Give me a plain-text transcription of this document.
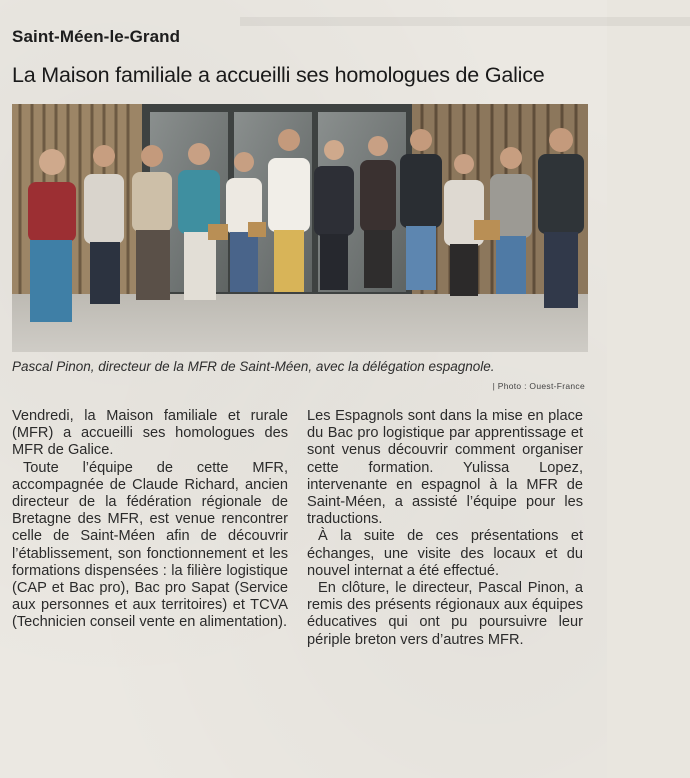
▬▬▬▬▬▬▬▬▬▬▬▬▬▬▬
Saint-Méen-le-Grand
La Maison familiale a accueilli ses homologues de Galice
Pascal Pinon, directeur de la MFR de Saint-Méen, avec la délégation espagnole.
| Photo : Ouest-France

Vendredi, la Maison familiale et rurale (MFR) a accueilli ses homologues des MFR de Galice.

Toute l’équipe de cette MFR, accompagnée de Claude Richard, ancien directeur de la fédération régionale de Bretagne des MFR, est venue rencontrer celle de Saint-Méen afin de découvrir l’établissement, son fonctionnement et les formations dispensées : la filière logistique (CAP et Bac pro), Bac pro Sapat (Service aux personnes et aux territoires) et TCVA (Technicien conseil vente en alimentation).

Les Espagnols sont dans la mise en place du Bac pro logistique par apprentissage et sont venus découvrir comment organiser cette formation. Yulissa Lopez, intervenante en espagnol à la MFR de Saint-Méen, a assisté l’équipe pour les traductions.

À la suite de ces présentations et échanges, une visite des locaux et du nouvel internat a été effectué.

En clôture, le directeur, Pascal Pinon, a remis des présents régionaux aux équipes éducatives qui ont pu poursuivre leur périple breton vers d’autres MFR.
